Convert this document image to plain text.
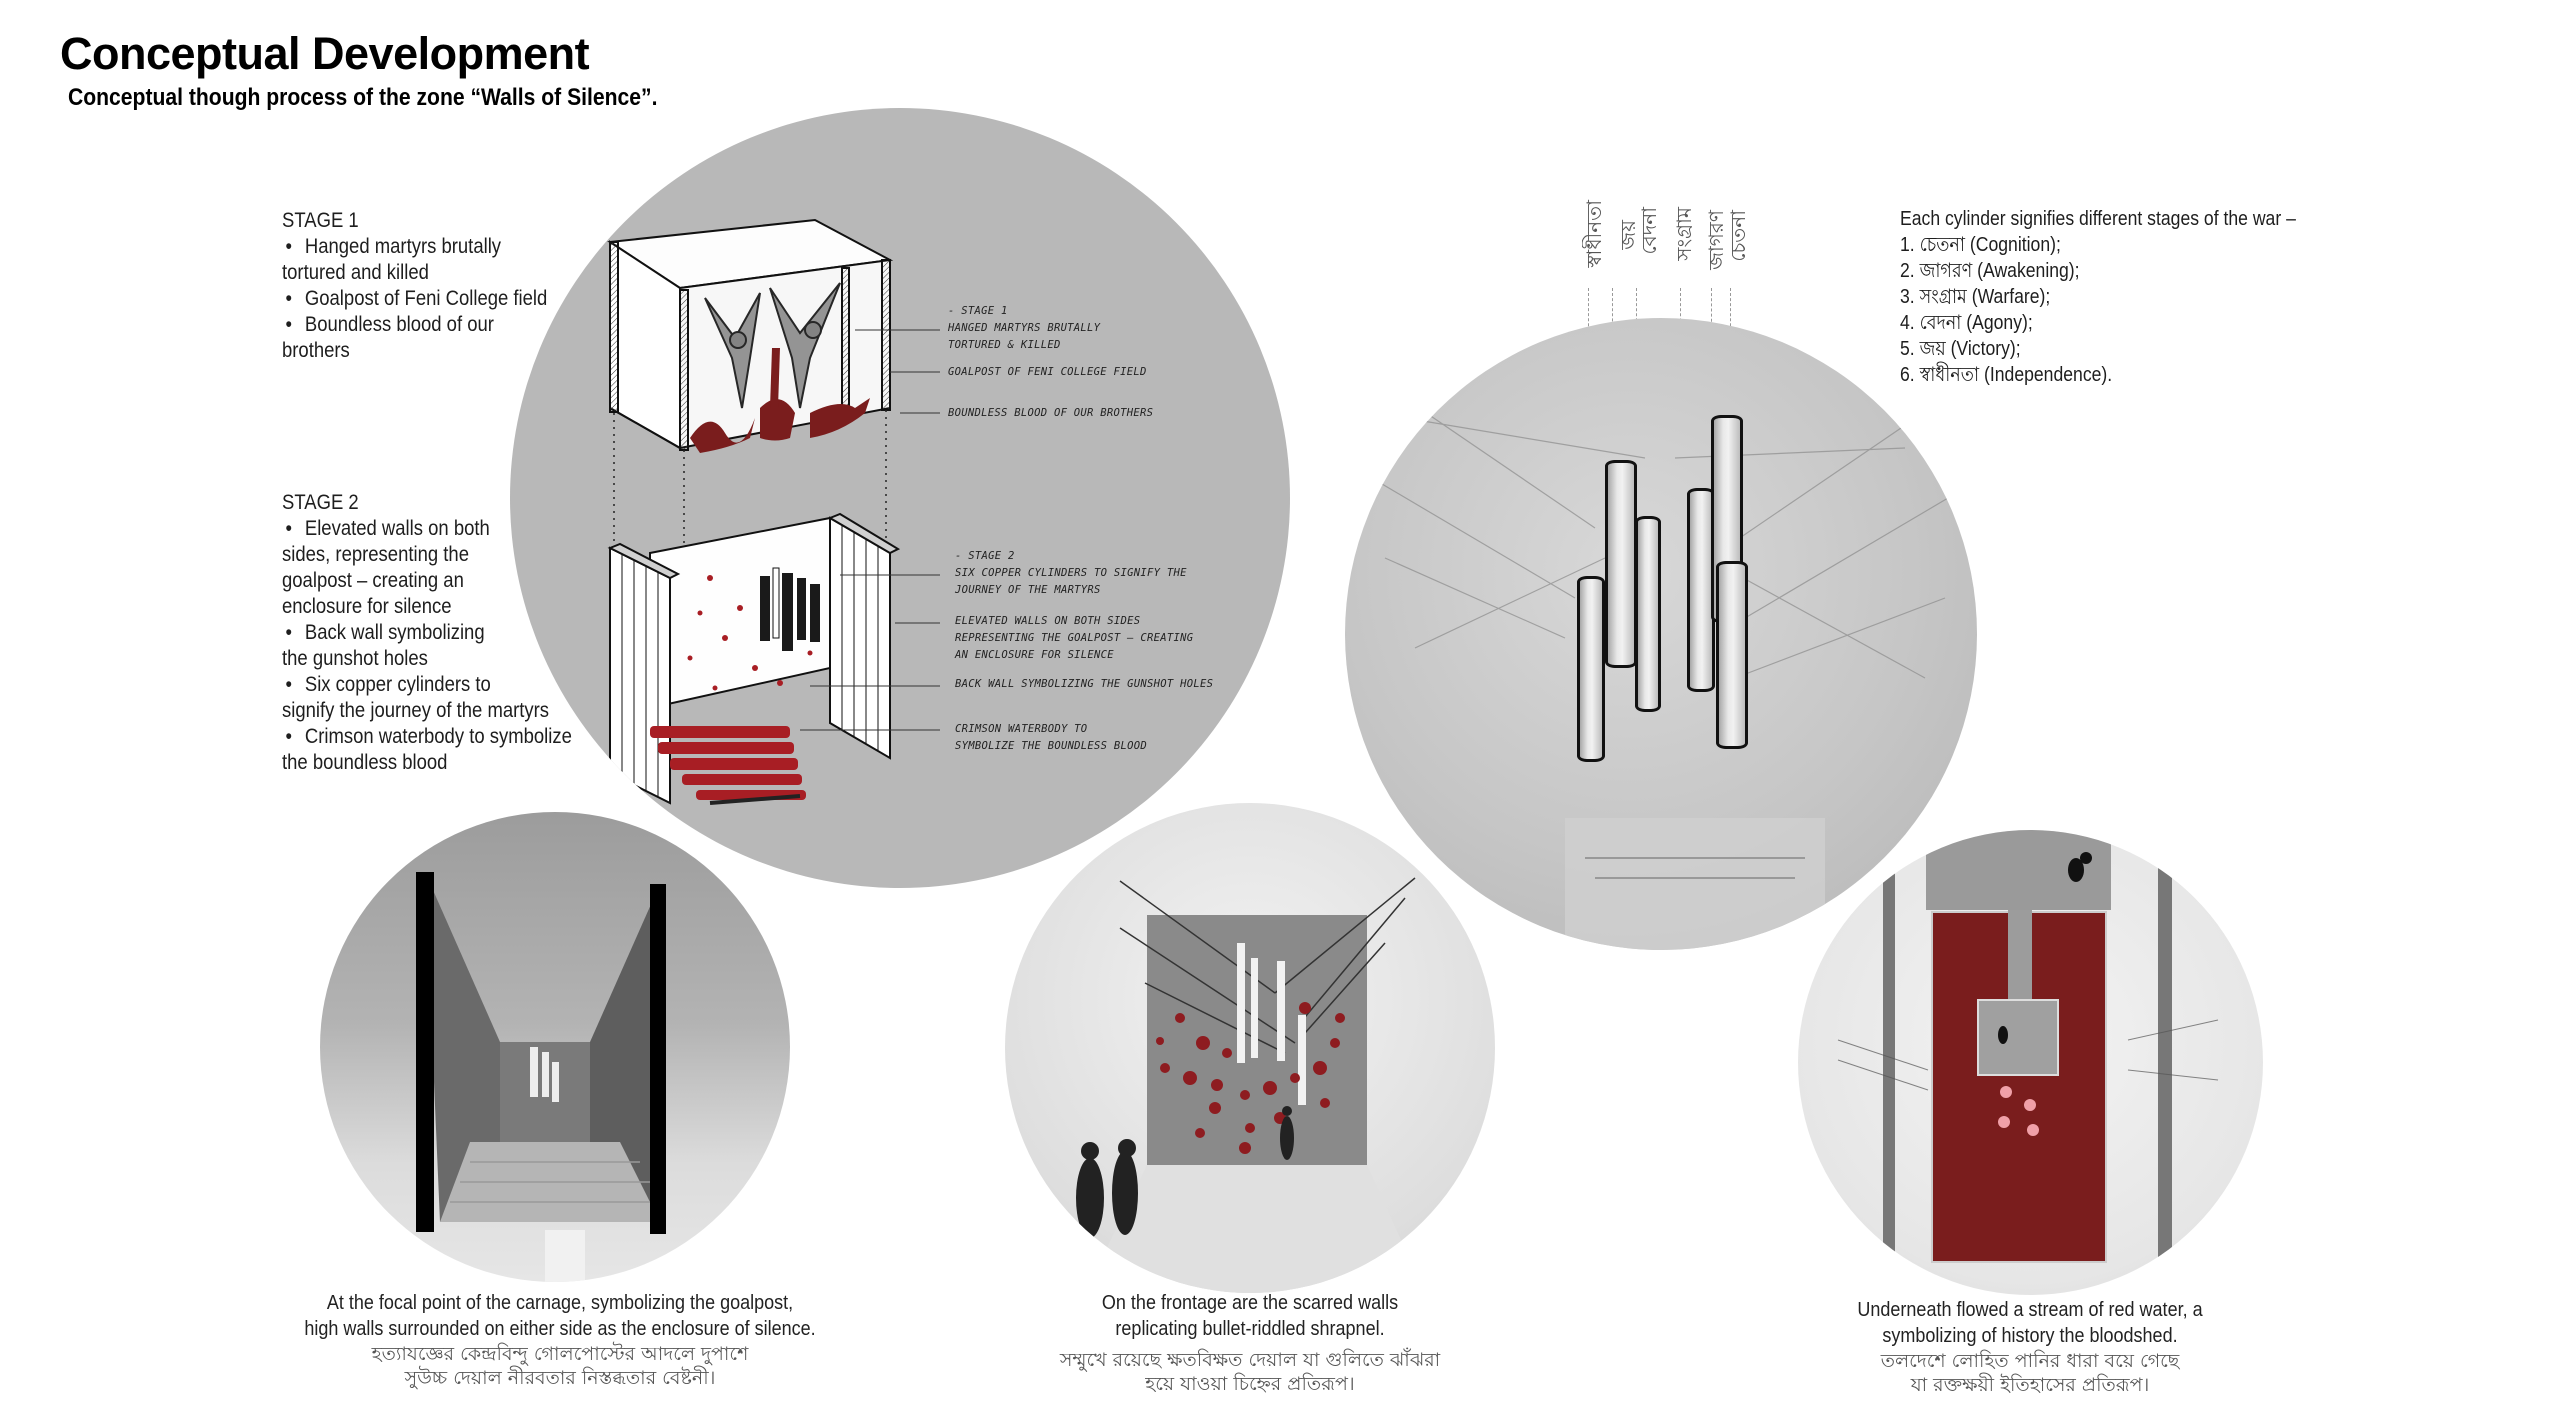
Conceptual Development
Conceptual though process of the zone “Walls of Silence”.
STAGE 1
• Hanged martyrs brutally
tortured and killed
• Goalpost of Feni College field
• Boundless blood of our
brothers
STAGE 2
• Elevated walls on both
sides, representing the
goalpost – creating an
enclosure for silence
• Back wall symbolizing
the gunshot holes
• Six copper cylinders to
signify the journey of the martyrs
• Crimson waterbody to symbolize
the boundless blood
- STAGE 1
HANGED MARTYRS BRUTALLY
TORTURED & KILLED
GOALPOST OF FENI COLLEGE FIELD
BOUNDLESS BLOOD OF OUR BROTHERS
- STAGE 2
SIX COPPER CYLINDERS TO SIGNIFY THE
JOURNEY OF THE MARTYRS
ELEVATED WALLS ON BOTH SIDES
REPRESENTING THE GOALPOST – CREATING
AN ENCLOSURE FOR SILENCE
BACK WALL SYMBOLIZING THE GUNSHOT HOLES
CRIMSON WATERBODY TO
SYMBOLIZE THE BOUNDLESS BLOOD
স্বাধীনতা জয়
বেদনা সংগ্রাম জাগরণ
চেতনা	Each cylinder signifies different stages of the war –
1. চেতনা (Cognition);
2. জাগরণ (Awakening);
3. সংগ্রাম (Warfare);
4. বেদনা (Agony);
5. জয় (Victory);
6. স্বাধীনতা (Independence).
At the focal point of the carnage, symbolizing the goalpost,
high walls surrounded on either side as the enclosure of silence.
হত্যাযজ্ঞের কেন্দ্রবিন্দু গোলপোস্টের আদলে দুপাশে
সুউচ্চ দেয়াল নীরবতার নিস্তব্ধতার বেষ্টনী।
On the frontage are the scarred walls
replicating bullet-riddled shrapnel.
সম্মুখে রয়েছে ক্ষতবিক্ষত দেয়াল যা গুলিতে ঝাঁঝরা
হয়ে যাওয়া চিহ্নের প্রতিরূপ।
Underneath flowed a stream of red water, a
symbolizing of history the bloodshed.
তলদেশে লোহিত পানির ধারা বয়ে গেছে
যা রক্তক্ষয়ী ইতিহাসের প্রতিরূপ।
